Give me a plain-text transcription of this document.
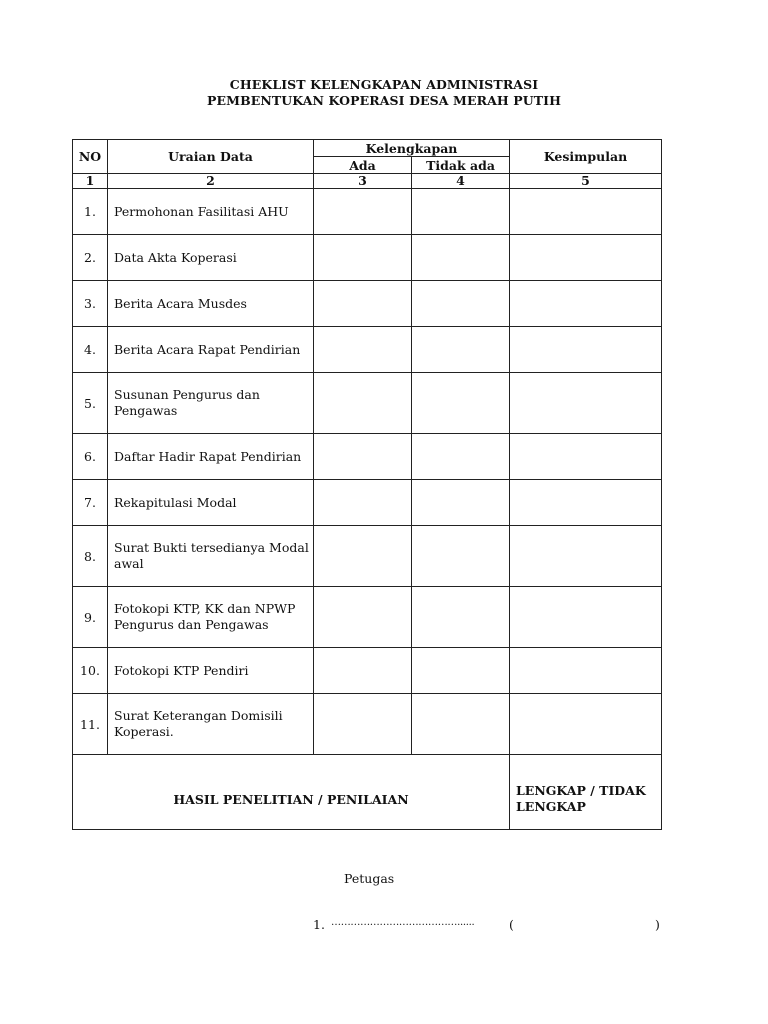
CHEKLIST KELENGKAPAN ADMINISTRASI
PEMBENTUKAN KOPERASI DESA MERAH PUTIH
NO	Uraian Data	Kelengkapan		Kesimpulan
		Ada	Tidak ada	
1	2	3	4	5
1.	Permohonan Fasilitasi AHU			
2.	Data Akta Koperasi			
3.	Berita Acara Musdes			
4.	Berita Acara Rapat Pendirian			
5.	Susunan Pengurus dan Pengawas			
6.	Daftar Hadir Rapat Pendirian			
7.	Rekapitulasi Modal			
8.	Surat Bukti tersedianya Modal awal			
9.	Fotokopi KTP, KK dan NPWP Pengurus dan Pengawas			
10.	Fotokopi KTP Pendiri			
11.	Surat Keterangan Domisili Koperasi.			
HASIL PENELITIAN / PENILAIAN				LENGKAP / TIDAK LENGKAP
Petugas
1. …………………………………......	(	)
